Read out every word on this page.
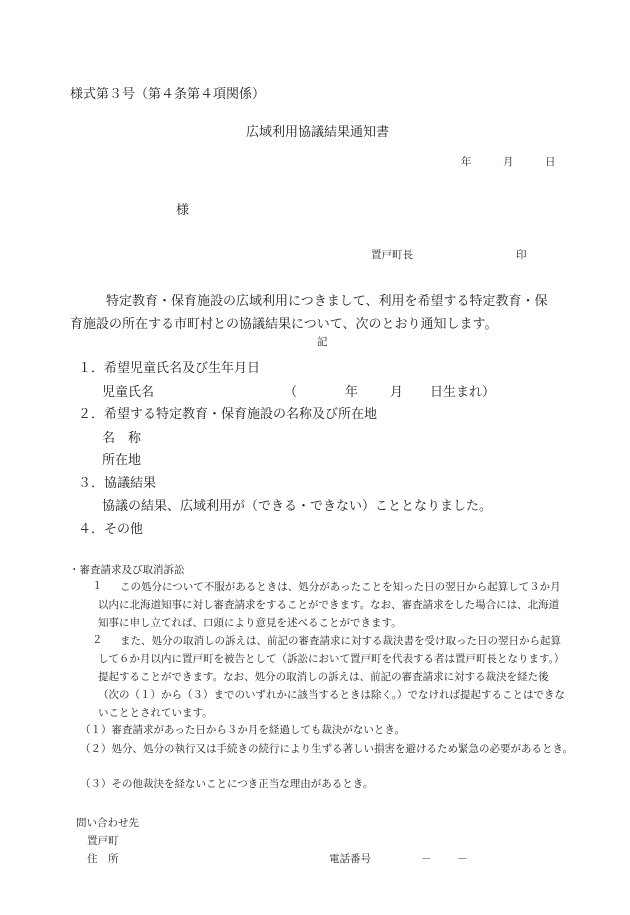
様式第３号（第４条第４項関係）
広域利用協議結果通知書
年	月	日
様
置戸町長	印
特定教育・保育施設の広域利用につきまして、利用を希望する特定教育・保育施設の所在する市町村との協議結果について、次のとおり通知します。
記
１．希望児童氏名及び生年月日
児童氏名	（	年 月 日生まれ）
２．希望する特定教育・保育施設の名称及び所在地
名　称
所在地
３．協議結果
協議の結果、広域利用が（できる・できない）こととなりました。
４．その他
・審査請求及び取消訴訟
１	この処分について不服があるときは、処分があったことを知った日の翌日から起算して３か月以内に北海道知事に対し審査請求をすることができます。なお、審査請求をした場合には、北海道知事に申し立てれば、口頭により意見を述べることができます。
２	また、処分の取消しの訴えは、前記の審査請求に対する裁決書を受け取った日の翌日から起算して６か月以内に置戸町を被告として（訴訟において置戸町を代表する者は置戸町長となります。）提起することができます。なお、処分の取消しの訴えは、前記の審査請求に対する裁決を経た後（次の（１）から（３）までのいずれかに該当するときは除く。）でなければ提起することはできないこととされています。
（１）審査請求があった日から３か月を経過しても裁決がないとき。
（２）処分、処分の執行又は手続きの続行により生ずる著しい損害を避けるため緊急の必要があるとき。
（３）その他裁決を経ないことにつき正当な理由があるとき。
問い合わせ先
置戸町
住　所	電話番号	－ －
